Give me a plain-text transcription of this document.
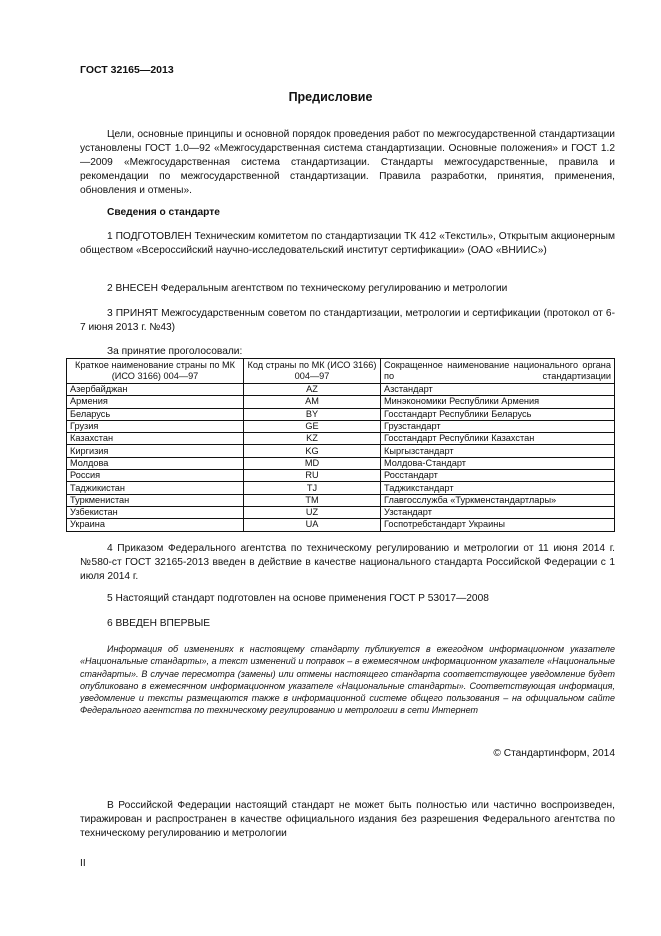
ГОСТ 32165—2013
Предисловие
Цели, основные принципы и основной порядок проведения работ по межгосударственной стандартизации установлены ГОСТ 1.0—92 «Межгосударственная система стандартизации. Основные положения» и ГОСТ 1.2—2009 «Межгосударственная система стандартизации. Стандарты межгосударственные, правила и рекомендации по межгосударственной стандартизации. Правила разработки, принятия, применения, обновления и отмены».
Сведения о стандарте
1 ПОДГОТОВЛЕН Техническим комитетом по стандартизации ТК 412 «Текстиль», Открытым акционерным обществом «Всероссийский научно-исследовательский институт сертификации» (ОАО «ВНИИС»)
2 ВНЕСЕН Федеральным агентством по техническому регулированию и метрологии
3 ПРИНЯТ Межгосударственным советом по стандартизации, метрологии и сертификации (протокол от 6-7 июня 2013 г. №43)
За принятие проголосовали:
Краткое наименование страны по МК (ИСО 3166) 004—97	Код страны по МК (ИСО 3166) 004—97	Сокращенное наименование национального органа по стандартизации
Азербайджан	AZ	Азстандарт
Армения	AM	Минэкономики Республики Армения
Беларусь	BY	Госстандарт Республики Беларусь
Грузия	GE	Грузстандарт
Казахстан	KZ	Госстандарт Республики Казахстан
Киргизия	KG	Кыргызстандарт
Молдова	MD	Молдова-Стандарт
Россия	RU	Росстандарт
Таджикистан	TJ	Таджикстандарт
Туркменистан	TM	Главгосслужба «Туркменстандартлары»
Узбекистан	UZ	Узстандарт
Украина	UA	Госпотребстандарт Украины
4 Приказом Федерального агентства по техническому регулированию и метрологии от 11 июня 2014 г. №580-ст ГОСТ 32165-2013 введен в действие в качестве национального стандарта Российской Федерации с 1 июля 2014 г.
5 Настоящий стандарт подготовлен на основе применения ГОСТ Р 53017—2008
6 ВВЕДЕН ВПЕРВЫЕ
Информация об изменениях к настоящему стандарту публикуется в ежегодном информационном указателе «Национальные стандарты», а текст изменений и поправок – в ежемесячном информационном указателе «Национальные стандарты». В случае пересмотра (замены) или отмены настоящего стандарта соответствующее уведомление будет опубликовано в ежемесячном информационном указателе «Национальные стандарты». Соответствующая информация, уведомление и тексты размещаются также в информационной системе общего пользования – на официальном сайте Федерального агентства по техническому регулированию и метрологии в сети Интернет
© Стандартинформ, 2014
В Российской Федерации настоящий стандарт не может быть полностью или частично воспроизведен, тиражирован и распространен в качестве официального издания без разрешения Федерального агентства по техническому регулированию и метрологии
II
